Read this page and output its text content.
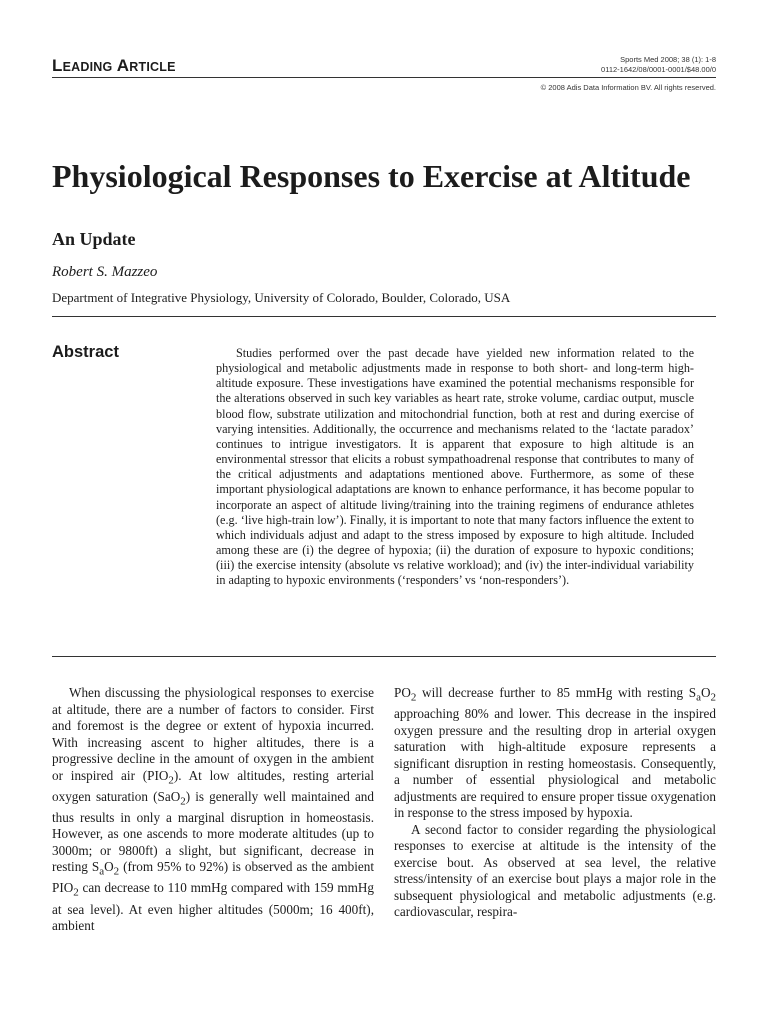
LEADING ARTICLE
Sports Med 2008; 38 (1): 1-8
0112-1642/08/0001-0001/$48.00/0
© 2008 Adis Data Information BV. All rights reserved.
Physiological Responses to Exercise at Altitude
An Update
Robert S. Mazzeo
Department of Integrative Physiology, University of Colorado, Boulder, Colorado, USA
Abstract	Studies performed over the past decade have yielded new information related to the physiological and metabolic adjustments made in response to both short- and long-term high-altitude exposure. These investigations have examined the potential mechanisms responsible for the alterations observed in such key variables as heart rate, stroke volume, cardiac output, muscle blood flow, substrate utilization and mitochondrial function, both at rest and during exercise of varying intensities. Additionally, the occurrence and mechanisms related to the ‘lactate paradox’ continues to intrigue investigators. It is apparent that exposure to high altitude is an environmental stressor that elicits a robust sympathoadrenal response that contributes to many of the critical adjustments and adaptations mentioned above. Furthermore, as some of these important physiological adaptations are known to enhance performance, it has become popular to incorporate an aspect of altitude living/training into the training regimens of endurance athletes (e.g. ‘live high-train low’). Finally, it is important to note that many factors influence the extent to which individuals adjust and adapt to the stress imposed by exposure to high altitude. Included among these are (i) the degree of hypoxia; (ii) the duration of exposure to hypoxic conditions; (iii) the exercise intensity (absolute vs relative workload); and (iv) the inter-individual variability in adapting to hypoxic environments (‘responders’ vs ‘non-responders’).

When discussing the physiological responses to exercise at altitude, there are a number of factors to consider. First and foremost is the degree or extent of hypoxia incurred. With increasing ascent to higher altitudes, there is a progressive decline in the amount of oxygen in the ambient or inspired air $(PIO_2)$. At low altitudes, resting arterial oxygen saturation (SaO$_2$) is generally well maintained and thus results in only a marginal disruption in homeostasis. However, as one ascends to more moderate altitudes (up to 3000m; or 9800ft) a slight, but significant, decrease in resting $S_aO_2$ (from 95% to 92%) is observed as the ambient $PIO_2$ can decrease to 110 mmHg compared with 159 mmHg at sea level). At even higher altitudes (5000m; 16 400ft), ambient

$PO_2$ will decrease further to 85 mmHg with resting $S_aO_2$ approaching 80% and lower. This decrease in the inspired oxygen pressure and the resulting drop in arterial oxygen saturation with high-altitude exposure represents a significant disruption in resting homeostasis. Consequently, a number of essential physiological and metabolic adjustments are required to ensure proper tissue oxygenation in response to the stress imposed by hypoxia.

A second factor to consider regarding the physiological responses to exercise at altitude is the intensity of the exercise bout. As observed at sea level, the relative stress/intensity of an exercise bout plays a major role in the subsequent physiological and metabolic adjustments (e.g. cardiovascular, respira-
